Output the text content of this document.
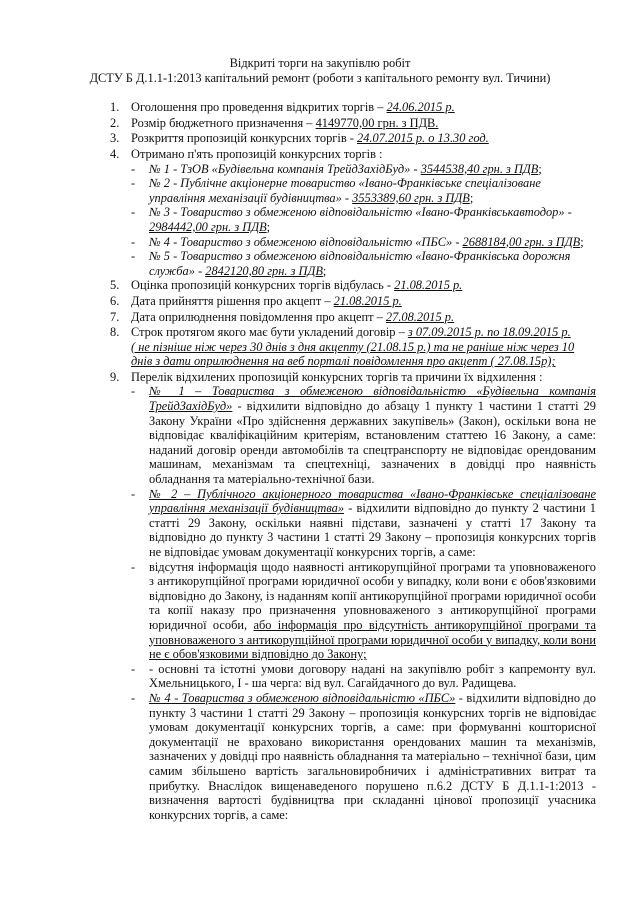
Відкриті торги на закупівлю робіт
ДСТУ Б Д.1.1-1:2013 капітальний ремонт (роботи з капітального ремонту вул. Тичини)
1. Оголошення про проведення відкритих торгів – 24.06.2015 р.
2. Розмір бюджетного призначення – 4149770,00 грн. з ПДВ.
3. Розкриття пропозицій конкурсних торгів - 24.07.2015 р. о 13.30 год.
4. Отримано п'ять пропозицій конкурсних торгів :
- № 1 - ТзОВ «Будівельна компанія ТрейдЗахідБуд» - 3544538,40 грн. з ПДВ;
- № 2 - Публічне акціонерне товариство «Івано-Франківське спеціалізоване управління механізації будівництва» - 3553389,60 грн. з ПДВ;
- № 3 - Товариство з обмеженою відповідальністю «Івано-Франківськавтодор» - 2984442,00 грн. з ПДВ;
- № 4 - Товариство з обмеженою відповідальністю «ПБС» - 2688184,00 грн. з ПДВ;
- № 5 - Товариство з обмеженою відповідальністю «Івано-Франківська дорожня служба» - 2842120,80 грн. з ПДВ;
5. Оцінка пропозицій конкурсних торгів відбулась - 21.08.2015 р.
6. Дата прийняття рішення про акцепт – 21.08.2015 р.
7. Дата оприлюднення повідомлення про акцепт – 27.08.2015 р.
8. Строк протягом якого має бути укладений договір – з 07.09.2015 р. по 18.09.2015 р.
( не пізніше ніж через 30 днів з дня акцепту (21.08.15 р.) та не раніше ніж через 10 днів з дати оприлюднення на веб порталі повідомлення про акцепт ( 27.08.15р);
9. Перелік відхилених пропозицій конкурсних торгів та причини їх відхилення :
- № 1 – Товариства з обмеженою відповідальністю «Будівельна компанія ТрейдЗахідБуд» - відхилити відповідно до абзацу 1 пункту 1 частини 1 статті 29 Закону України «Про здійснення державних закупівель» (Закон), оскільки вона не відповідає кваліфікаційним критеріям, встановленим статтею 16 Закону, а саме: наданий договір оренди автомобілів та спецтранспорту не відповідає орендованим машинам, механізмам та спецтехніці, зазначених в довідці про наявність обладнання та матеріально-технічної бази.
- № 2 – Публічного акціонерного товариства «Івано-Франківське спеціалізоване управління механізації будівництва» - відхилити відповідно до пункту 2 частини 1 статті 29 Закону, оскільки наявні підстави, зазначені у статті 17 Закону та відповідно до пункту 3 частини 1 статті 29 Закону – пропозиція конкурсних торгів не відповідає умовам документації конкурсних торгів, а саме:
- відсутня інформація щодо наявності антикорупційної програми та уповноваженого з антикорупційної програми юридичної особи у випадку, коли вони є обов'язковими відповідно до Закону, із наданням копії антикорупційної програми юридичної особи та копії наказу про призначення уповноваженого з антикорупційної програми юридичної особи, або інформація про відсутність антикорупційної програми та уповноваженого з антикорупційної програми юридичної особи у випадку, коли вони не є обов'язковими відповідно до Закону;
- - основні та істотні умови договору надані на закупівлю робіт з капремонту вул. Хмельницького, І - ша черга: від вул. Сагайдачного до вул. Радищева.
- № 4 - Товариства з обмеженою відповідальністю «ПБС» - відхилити відповідно до пункту 3 частини 1 статті 29 Закону – пропозиція конкурсних торгів не відповідає умовам документації конкурсних торгів, а саме: при формуванні кошторисної документації не враховано використання орендованих машин та механізмів, зазначених у довідці про наявність обладнання та матеріально – технічної бази, цим самим збільшено вартість загальновиробничих і адміністративних витрат та прибутку. Внаслідок вищенаведеного порушено п.6.2 ДСТУ Б Д.1.1-1:2013 - визначення вартості будівництва при складанні цінової пропозиції учасника конкурсних торгів, а саме:
